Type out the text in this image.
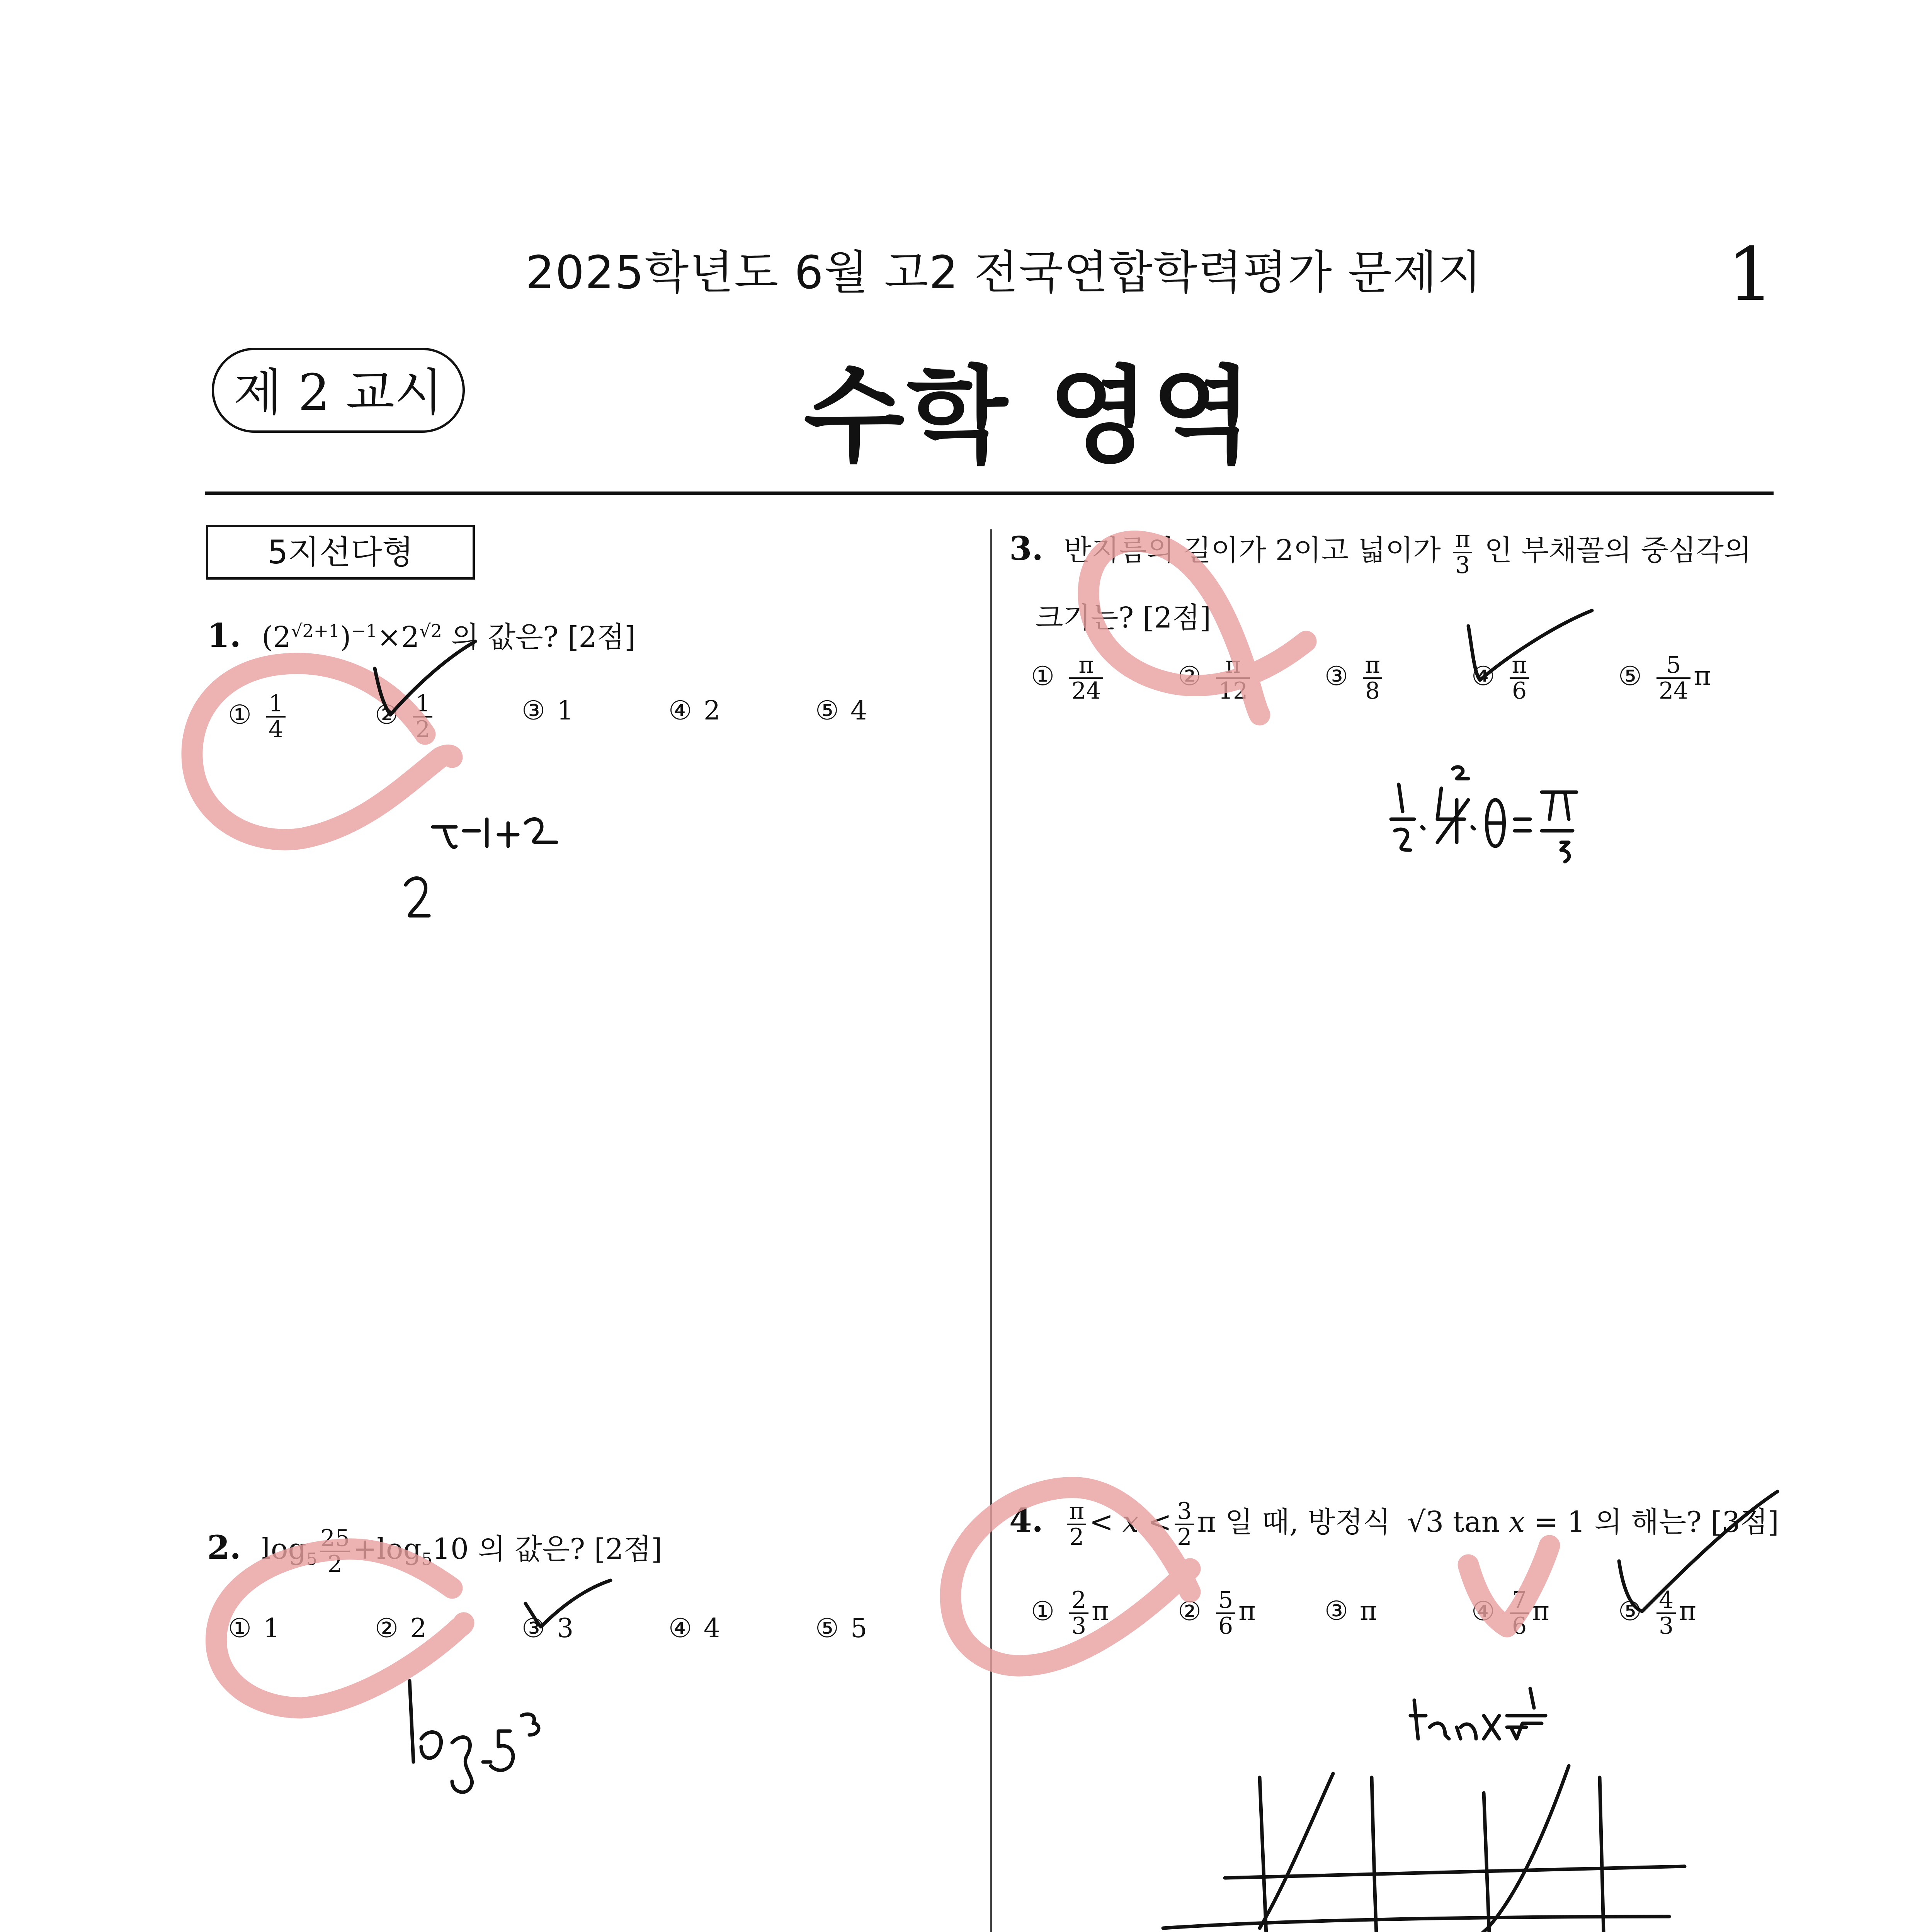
2025학년도 6월 고2 전국연합학력평가 문제지	1
제 2 교시	수학 영역
5지선다형
1. $(2^{√2+1})^{-1}\times 2^{√2}$ 의 값은? [2점]
① $\frac{1}{4}$	② $\frac{1}{2}$	③ 1	④ 2	⑤ 4
2. $\log_5 \frac{25}{2} +\log_510$ 의 값은? [2점]
① 1	② 2	③ 3	④ 4	⑤ 5
3. 반지름의 길이가 2이고 넓이가 $\frac{\pi}{3}$ 인 부채꼴의 중심각의
크기는? [2점]
① $\frac{\pi}{24}$	② $\frac{\pi}{12}$	③ $\frac{\pi}{8}$	④ $\frac{\pi}{6}$	⑤ $\frac{5}{24}$ π
4. $\frac{\pi}{2} < x < \frac{3}{2}$ π 일 때, 방정식 √3 tan x = 1 의 해는? [3점]
① $\frac{2}{3}$ π	② $\frac{5}{6}$ π	③ π	④ $\frac{7}{6}$ π	⑤ $\frac{4}{3}$ π
